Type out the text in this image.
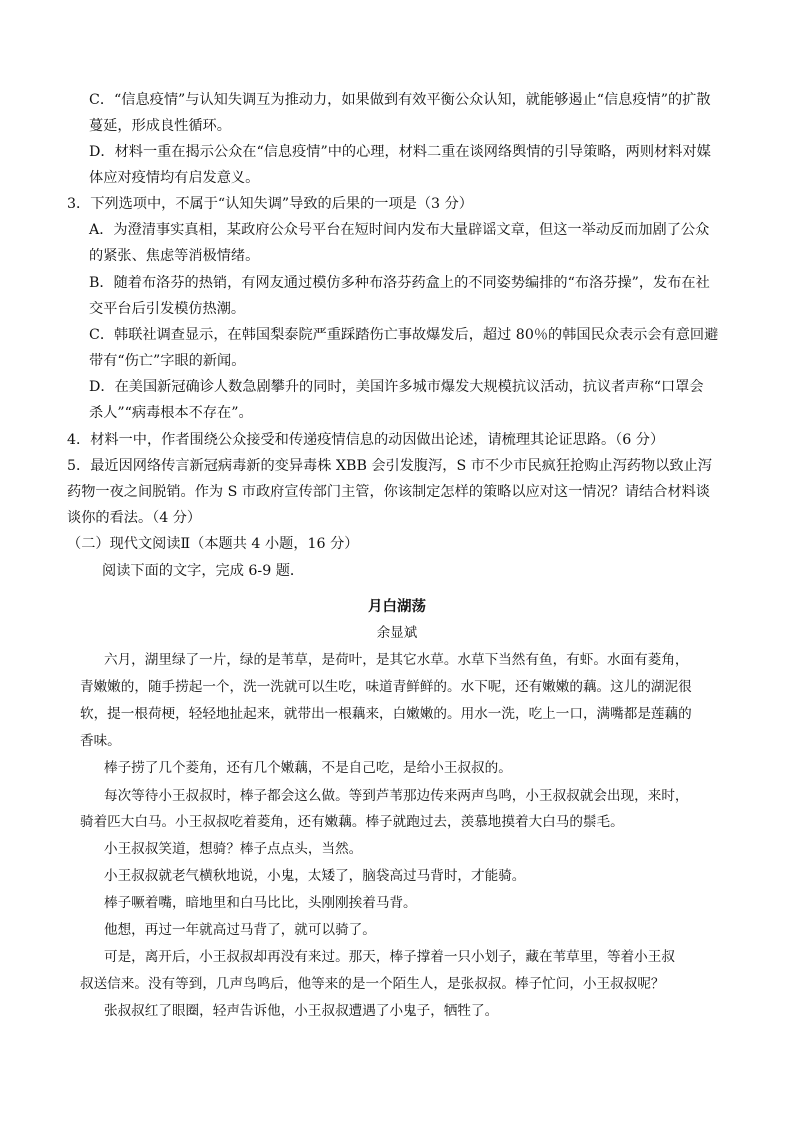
C．“信息疫情”与认知失调互为推动力，如果做到有效平衡公众认知，就能够遏止“信息疫情”的扩散
蔓延，形成良性循环。
D．材料一重在揭示公众在“信息疫情”中的心理，材料二重在谈网络舆情的引导策略，两则材料对媒
体应对疫情均有启发意义。
3．下列选项中，不属于“认知失调”导致的后果的一项是（3 分）
A．为澄清事实真相，某政府公众号平台在短时间内发布大量辟谣文章，但这一举动反而加剧了公众
的紧张、焦虑等消极情绪。
B．随着布洛芬的热销，有网友通过模仿多种布洛芬药盒上的不同姿势编排的“布洛芬操”，发布在社
交平台后引发模仿热潮。
C．韩联社调查显示，在韩国梨泰院严重踩踏伤亡事故爆发后，超过 80％的韩国民众表示会有意回避
带有“伤亡”字眼的新闻。
D．在美国新冠确诊人数急剧攀升的同时，美国许多城市爆发大规模抗议活动，抗议者声称“口罩会
杀人”“病毒根本不存在”。
4．材料一中，作者围绕公众接受和传递疫情信息的动因做出论述，请梳理其论证思路。（6 分）
5．最近因网络传言新冠病毒新的变异毒株 XBB 会引发腹泻，S 市不少市民疯狂抢购止泻药物以致止泻
药物一夜之间脱销。作为 S 市政府宣传部门主管，你该制定怎样的策略以应对这一情况？请结合材料谈
谈你的看法。（4 分）
（二）现代文阅读Ⅱ（本题共 4 小题，16 分）
阅读下面的文字，完成 6-9 题．
月白湖荡
余显斌
六月，湖里绿了一片，绿的是苇草，是荷叶，是其它水草。水草下当然有鱼，有虾。水面有菱角，
青嫩嫩的，随手捞起一个，洗一洗就可以生吃，味道青鲜鲜的。水下呢，还有嫩嫩的藕。这儿的湖泥很
软，提一根荷梗，轻轻地扯起来，就带出一根藕来，白嫩嫩的。用水一洗，吃上一口，满嘴都是莲藕的
香味。
棒子捞了几个菱角，还有几个嫩藕，不是自己吃，是给小王叔叔的。
每次等待小王叔叔时，棒子都会这么做。等到芦苇那边传来两声鸟鸣，小王叔叔就会出现，来时，
骑着匹大白马。小王叔叔吃着菱角，还有嫩藕。棒子就跑过去，羡慕地摸着大白马的鬃毛。
小王叔叔笑道，想骑？棒子点点头，当然。
小王叔叔就老气横秋地说，小鬼，太矮了，脑袋高过马背时，才能骑。
棒子噘着嘴，暗地里和白马比比，头刚刚挨着马背。
他想，再过一年就高过马背了，就可以骑了。
可是，离开后，小王叔叔却再没有来过。那天，棒子撑着一只小划子，藏在苇草里，等着小王叔
叔送信来。没有等到，几声鸟鸣后，他等来的是一个陌生人，是张叔叔。棒子忙问，小王叔叔呢？
张叔叔红了眼圈，轻声告诉他，小王叔叔遭遇了小鬼子，牺牲了。
